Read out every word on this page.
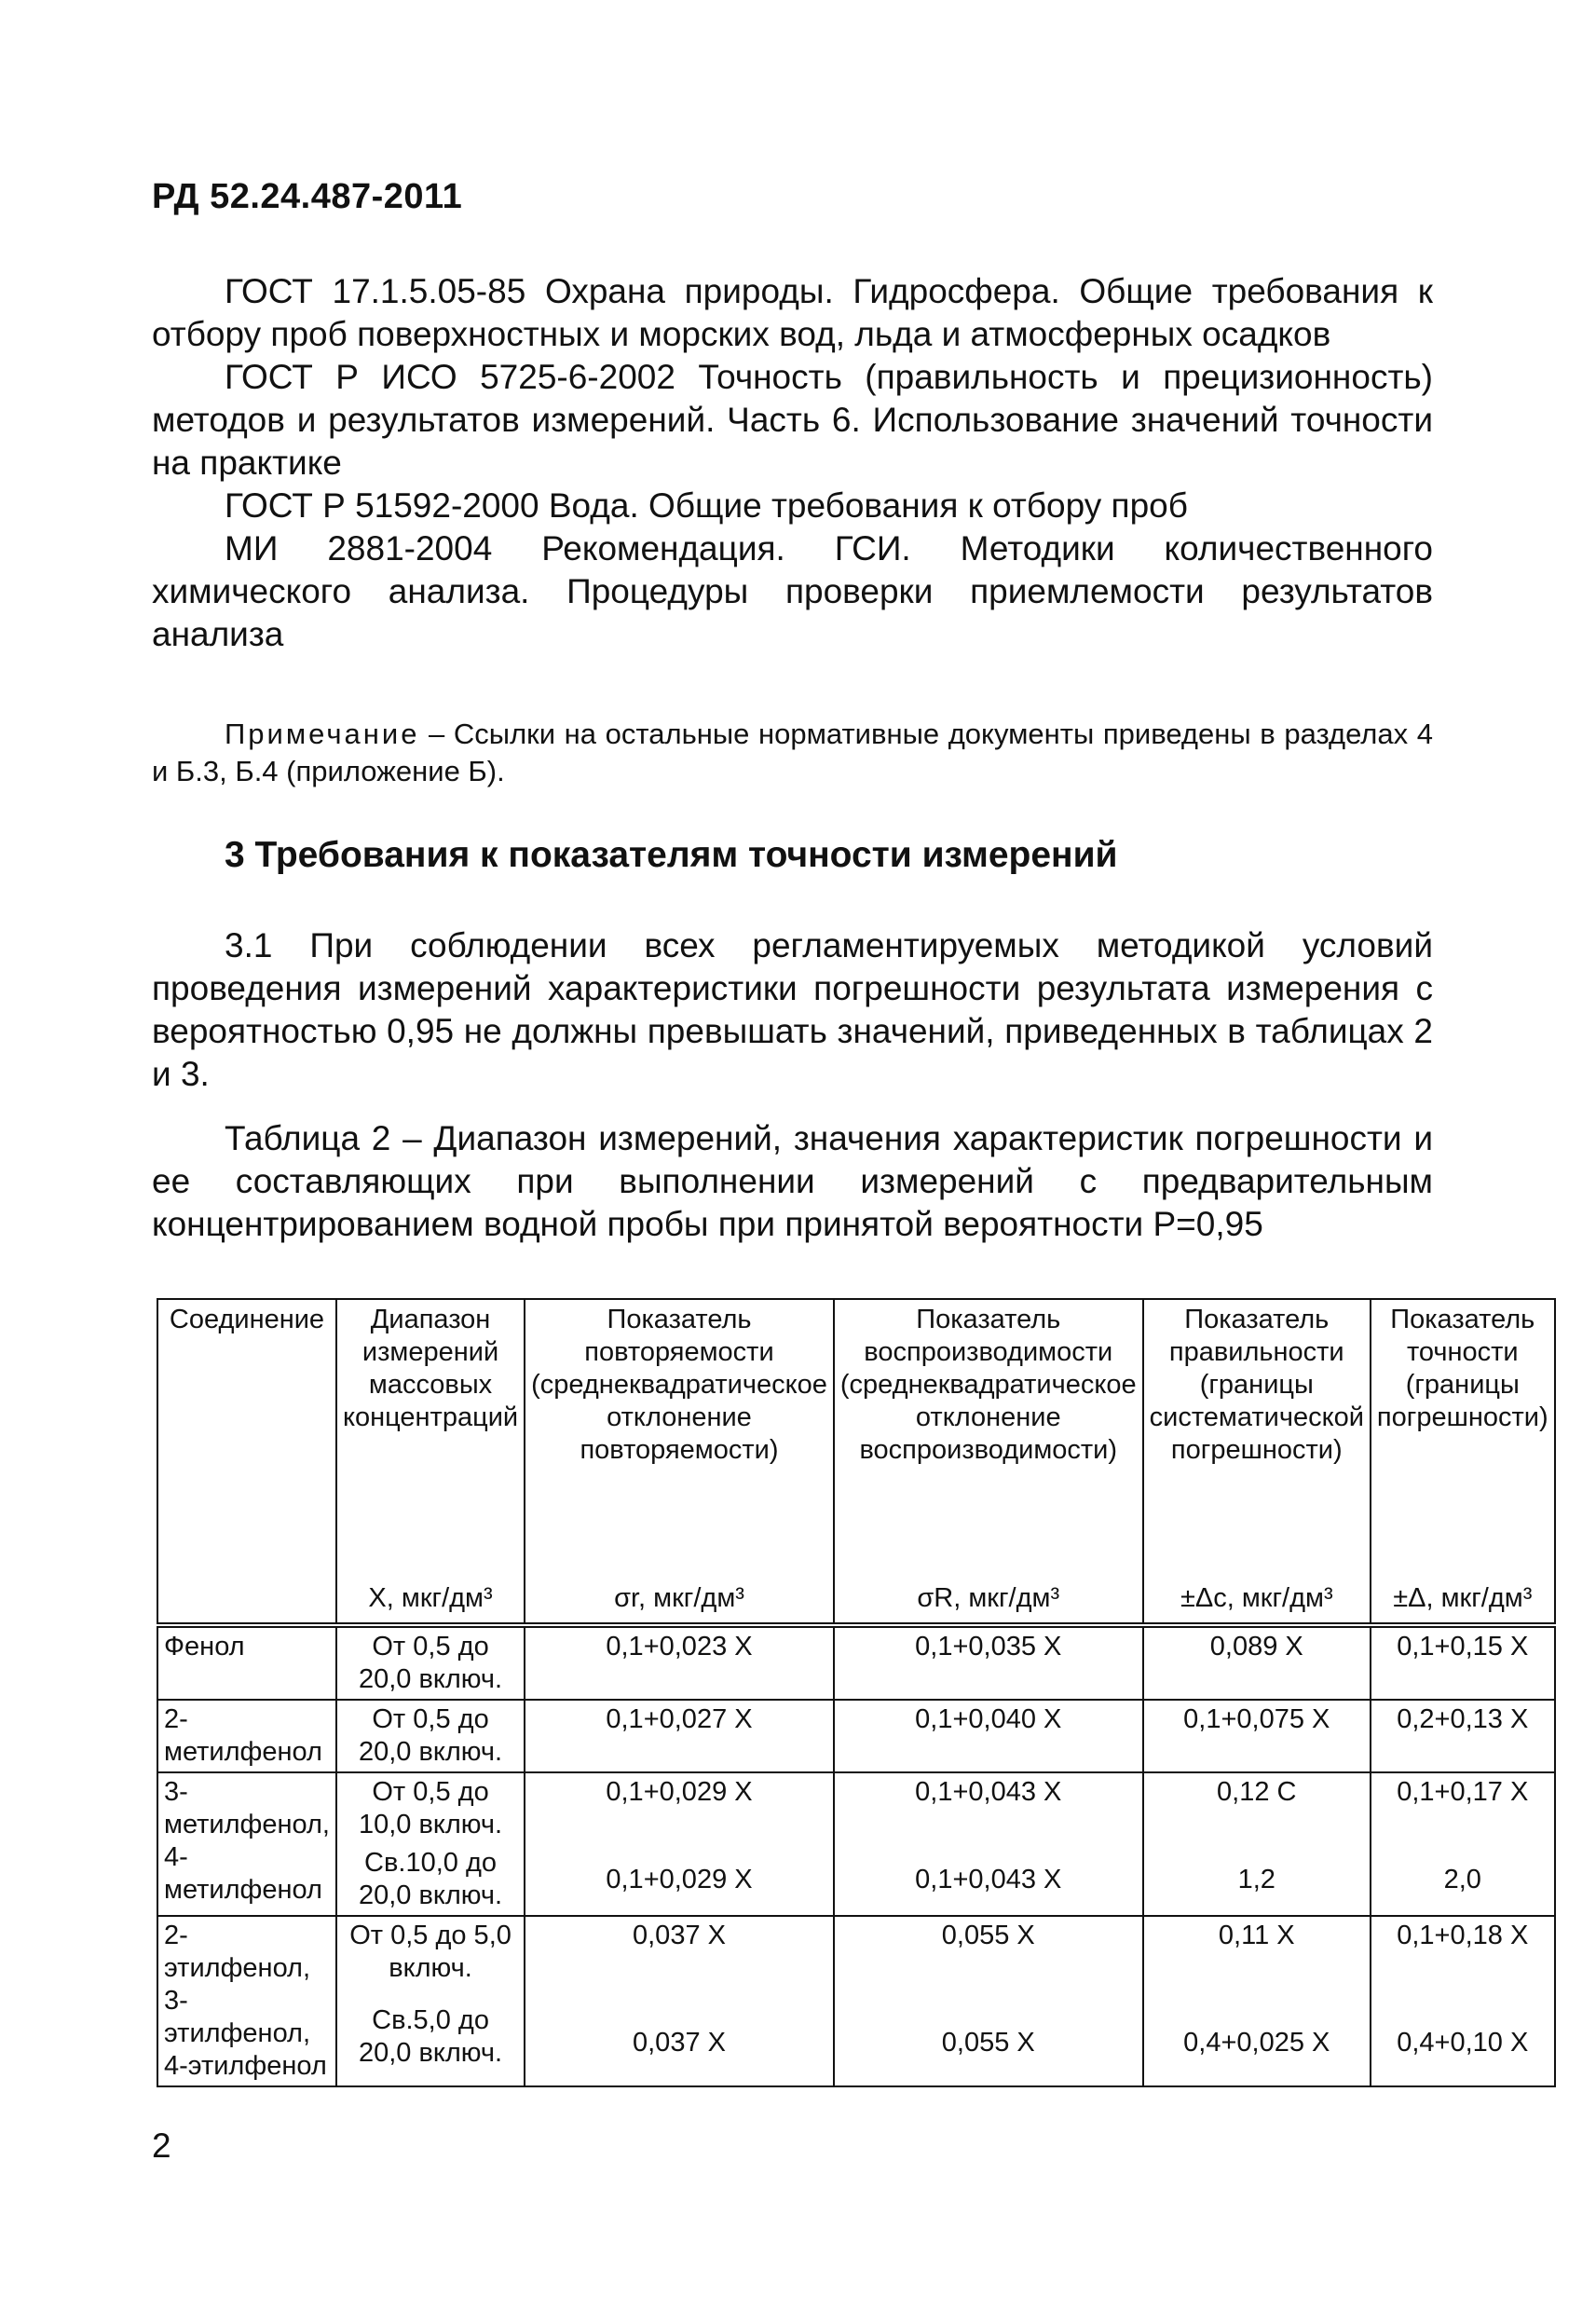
РД 52.24.487-2011

ГОСТ 17.1.5.05-85 Охрана природы. Гидросфера. Общие требования к отбору проб поверхностных и морских вод, льда и атмосферных осадков

ГОСТ Р ИСО 5725-6-2002 Точность (правильность и прецизионность) методов и результатов измерений. Часть 6. Использование значений точности на практике

ГОСТ Р 51592-2000 Вода. Общие требования к отбору проб

МИ 2881-2004 Рекомендация. ГСИ. Методики количественного химического анализа. Процедуры проверки приемлемости результатов анализа

Примечание – Ссылки на остальные нормативные документы приведены в разделах 4 и Б.3, Б.4 (приложение Б).
3 Требования к показателям точности измерений

3.1 При соблюдении всех регламентируемых методикой условий проведения измерений характеристики погрешности результата измерения с вероятностью 0,95 не должны превышать значений, приведенных в таблицах 2 и 3.

Таблица 2 – Диапазон измерений, значения характеристик погрешности и ее составляющих при выполнении измерений с предварительным концентрированием водной пробы при принятой вероятности Р=0,95

Соединение	Диапазон измерений массовых концентраций	Показатель повторяемости (среднеквадратическое отклонение повторяемости)	Показатель воспроизводимости (среднеквадратическое отклонение воспроизводимости)	Показатель правильности (границы систематической погрешности)	Показатель точности (границы погрешности)

	X, мкг/дм³	σr, мкг/дм³	σR, мкг/дм³	±Δc, мкг/дм³	±Δ, мкг/дм³
Фенол	От 0,5 до 20,0 включ.	0,1+0,023 X	0,1+0,035 X	0,089 X	0,1+0,15 X
2-метилфенол	От 0,5 до 20,0 включ.	0,1+0,027 X	0,1+0,040 X	0,1+0,075 X	0,2+0,13 X
3-метилфенол, 4-метилфенол	От 0,5 до 10,0 включ.	0,1+0,029 X	0,1+0,043 X	0,12 С	0,1+0,17 X
	Св.10,0 до 20,0 включ.	0,1+0,029 X	0,1+0,043 X	1,2	2,0
2-этилфенол, 3-этилфенол, 4-этилфенол	От 0,5 до 5,0 включ.	0,037 X	0,055 X	0,11 X	0,1+0,18 X
	Св.5,0 до 20,0 включ.	0,037 X	0,055 X	0,4+0,025 X	0,4+0,10 X
2
